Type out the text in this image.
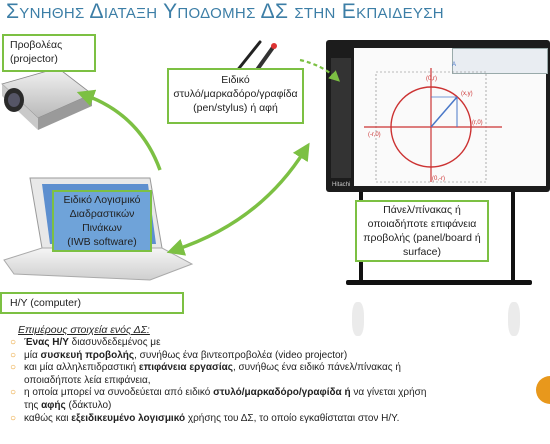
Συνηθησ Διαταξη Υποδομησ ΔΣ στην Εκπαιδευση
Προβολέας
(projector)
Ειδικό
στυλό/μαρκαδόρο/γραφίδα
(pen/stylus) ή αφή
Hitachi
(0,r)
(r,0)
(-r,0)
(0,-r)
(x,y)
A
Πάνελ/πίνακας ή
οποιαδήποτε επιφάνεια
προβολής (panel/board ή
surface)
Ειδικό Λογισμικό
Διαδραστικών
Πινάκων
(IWB software)
Η/Υ (computer)
Επιμέρους στοιχεία ενός ΔΣ:
○ Ένας Η/Υ διασυνδεδεμένος με
○ μία συσκευή προβολής, συνήθως ένα βιντεοπροβολέα (video projector)
○ και μία αλληλεπιδραστική επιφάνεια εργασίας, συνήθως ένα ειδικό πάνελ/πίνακας ή
οποιαδήποτε λεία επιφάνεια,
○ η οποία μπορεί να συνοδεύεται από ειδικό στυλό/μαρκαδόρο/γραφίδα ή να γίνεται χρήση
της αφής (δάκτυλο)
○ καθώς και εξειδικευμένο λογισμικό χρήσης του ΔΣ, το οποίο εγκαθίσταται στον Η/Υ.
